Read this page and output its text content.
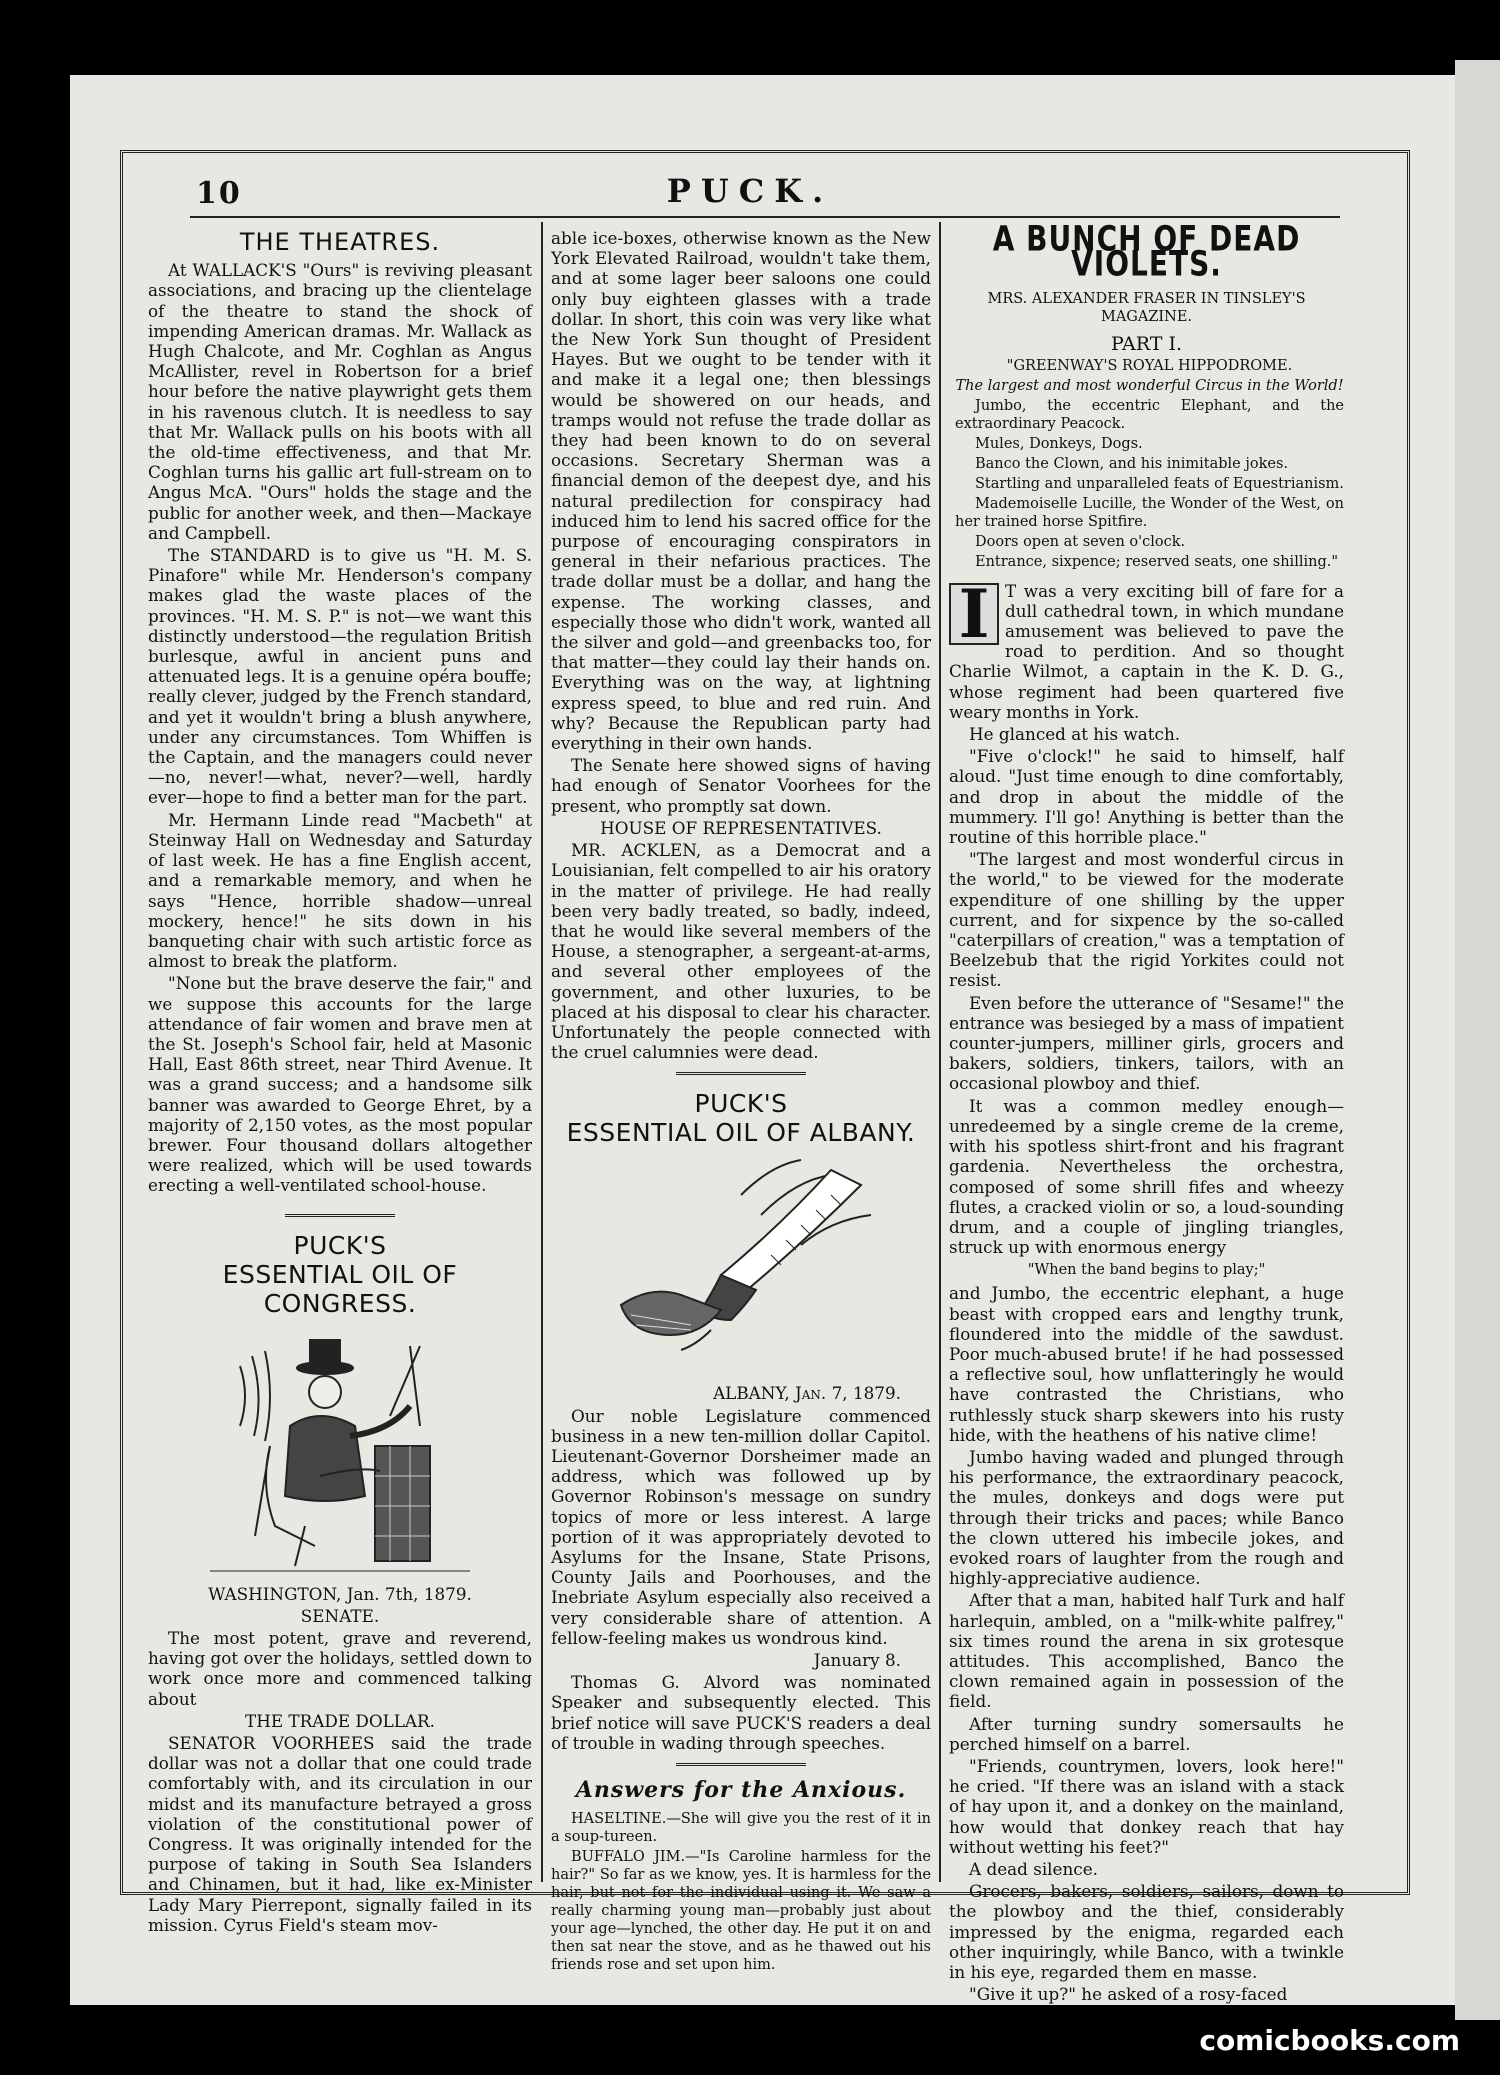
10	PUCK.
THE THEATRES.

At WALLACK'S "Ours" is reviving pleasant associations, and bracing up the clientelage of the theatre to stand the shock of impending American dramas. Mr. Wallack as Hugh Chalcote, and Mr. Coghlan as Angus McAllister, revel in Robertson for a brief hour before the native playwright gets them in his ravenous clutch. It is needless to say that Mr. Wallack pulls on his boots with all the old-time effectiveness, and that Mr. Coghlan turns his gallic art full-stream on to Angus McA. "Ours" holds the stage and the public for another week, and then—Mackaye and Campbell.

The STANDARD is to give us "H. M. S. Pinafore" while Mr. Henderson's company makes glad the waste places of the provinces. "H. M. S. P." is not—we want this distinctly understood—the regulation British burlesque, awful in ancient puns and attenuated legs. It is a genuine opéra bouffe; really clever, judged by the French standard, and yet it wouldn't bring a blush anywhere, under any circumstances. Tom Whiffen is the Captain, and the managers could never—no, never!—what, never?—well, hardly ever—hope to find a better man for the part.

Mr. Hermann Linde read "Macbeth" at Steinway Hall on Wednesday and Saturday of last week. He has a fine English accent, and a remarkable memory, and when he says "Hence, horrible shadow—unreal mockery, hence!" he sits down in his banqueting chair with such artistic force as almost to break the platform.

"None but the brave deserve the fair," and we suppose this accounts for the large attendance of fair women and brave men at the St. Joseph's School fair, held at Masonic Hall, East 86th street, near Third Avenue. It was a grand success; and a handsome silk banner was awarded to George Ehret, by a majority of 2,150 votes, as the most popular brewer. Four thousand dollars altogether were realized, which will be used towards erecting a well-ventilated school-house.

PUCK'S
ESSENTIAL OIL OF CONGRESS.

WASHINGTON, Jan. 7th, 1879.

SENATE.

The most potent, grave and reverend, having got over the holidays, settled down to work once more and commenced talking about

THE TRADE DOLLAR.

SENATOR VOORHEES said the trade dollar was not a dollar that one could trade comfortably with, and its circulation in our midst and its manufacture betrayed a gross violation of the constitutional power of Congress. It was originally intended for the purpose of taking in South Sea Islanders and Chinamen, but it had, like ex-Minister Lady Mary Pierrepont, signally failed in its mission. Cyrus Field's steam mov-

able ice-boxes, otherwise known as the New York Elevated Railroad, wouldn't take them, and at some lager beer saloons one could only buy eighteen glasses with a trade dollar. In short, this coin was very like what the New York Sun thought of President Hayes. But we ought to be tender with it and make it a legal one; then blessings would be showered on our heads, and tramps would not refuse the trade dollar as they had been known to do on several occasions. Secretary Sherman was a financial demon of the deepest dye, and his natural predilection for conspiracy had induced him to lend his sacred office for the purpose of encouraging conspirators in general in their nefarious practices. The trade dollar must be a dollar, and hang the expense. The working classes, and especially those who didn't work, wanted all the silver and gold—and greenbacks too, for that matter—they could lay their hands on. Everything was on the way, at lightning express speed, to blue and red ruin. And why? Because the Republican party had everything in their own hands.

The Senate here showed signs of having had enough of Senator Voorhees for the present, who promptly sat down.

HOUSE OF REPRESENTATIVES.

MR. ACKLEN, as a Democrat and a Louisianian, felt compelled to air his oratory in the matter of privilege. He had really been very badly treated, so badly, indeed, that he would like several members of the House, a stenographer, a sergeant-at-arms, and several other employees of the government, and other luxuries, to be placed at his disposal to clear his character. Unfortunately the people connected with the cruel calumnies were dead.

PUCK'S
ESSENTIAL OIL OF ALBANY.

ALBANY, Jan. 7, 1879.

Our noble Legislature commenced business in a new ten-million dollar Capitol. Lieutenant-Governor Dorsheimer made an address, which was followed up by Governor Robinson's message on sundry topics of more or less interest. A large portion of it was appropriately devoted to Asylums for the Insane, State Prisons, County Jails and Poorhouses, and the Inebriate Asylum especially also received a very considerable share of attention. A fellow-feeling makes us wondrous kind.

January 8.

Thomas G. Alvord was nominated Speaker and subsequently elected. This brief notice will save PUCK'S readers a deal of trouble in wading through speeches.

Answers for the Anxious.

HASELTINE.—She will give you the rest of it in a soup-tureen.

BUFFALO JIM.—"Is Caroline harmless for the hair?" So far as we know, yes. It is harmless for the hair, but not for the individual using it. We saw a really charming young man—probably just about your age—lynched, the other day. He put it on and then sat near the stove, and as he thawed out his friends rose and set upon him.

A BUNCH OF DEAD VIOLETS.

MRS. ALEXANDER FRASER IN TINSLEY'S MAGAZINE.

PART I.

"GREENWAY'S ROYAL HIPPODROME.

The largest and most wonderful Circus in the World!

Jumbo, the eccentric Elephant, and the extraordinary Peacock.

Mules, Donkeys, Dogs.

Banco the Clown, and his inimitable jokes.

Startling and unparalleled feats of Equestrianism.

Mademoiselle Lucille, the Wonder of the West, on her trained horse Spitfire.

Doors open at seven o'clock.

Entrance, sixpence; reserved seats, one shilling."

I T was a very exciting bill of fare for a dull cathedral town, in which mundane amusement was believed to pave the road to perdition. And so thought Charlie Wilmot, a captain in the K. D. G., whose regiment had been quartered five weary months in York.

He glanced at his watch.

"Five o'clock!" he said to himself, half aloud. "Just time enough to dine comfortably, and drop in about the middle of the mummery. I'll go! Anything is better than the routine of this horrible place."

"The largest and most wonderful circus in the world," to be viewed for the moderate expenditure of one shilling by the upper current, and for sixpence by the so-called "caterpillars of creation," was a temptation of Beelzebub that the rigid Yorkites could not resist.

Even before the utterance of "Sesame!" the entrance was besieged by a mass of impatient counter-jumpers, milliner girls, grocers and bakers, soldiers, tinkers, tailors, with an occasional plowboy and thief.

It was a common medley enough—unredeemed by a single creme de la creme, with his spotless shirt-front and his fragrant gardenia. Nevertheless the orchestra, composed of some shrill fifes and wheezy flutes, a cracked violin or so, a loud-sounding drum, and a couple of jingling triangles, struck up with enormous energy

"When the band begins to play;"

and Jumbo, the eccentric elephant, a huge beast with cropped ears and lengthy trunk, floundered into the middle of the sawdust. Poor much-abused brute! if he had possessed a reflective soul, how unflatteringly he would have contrasted the Christians, who ruthlessly stuck sharp skewers into his rusty hide, with the heathens of his native clime!

Jumbo having waded and plunged through his performance, the extraordinary peacock, the mules, donkeys and dogs were put through their tricks and paces; while Banco the clown uttered his imbecile jokes, and evoked roars of laughter from the rough and highly-appreciative audience.

After that a man, habited half Turk and half harlequin, ambled, on a "milk-white palfrey," six times round the arena in six grotesque attitudes. This accomplished, Banco the clown remained again in possession of the field.

After turning sundry somersaults he perched himself on a barrel.

"Friends, countrymen, lovers, look here!" he cried. "If there was an island with a stack of hay upon it, and a donkey on the mainland, how would that donkey reach that hay without wetting his feet?"

A dead silence.

Grocers, bakers, soldiers, sailors, down to the plowboy and the thief, considerably impressed by the enigma, regarded each other inquiringly, while Banco, with a twinkle in his eye, regarded them en masse.

"Give it up?" he asked of a rosy-faced

comicbooks.com
